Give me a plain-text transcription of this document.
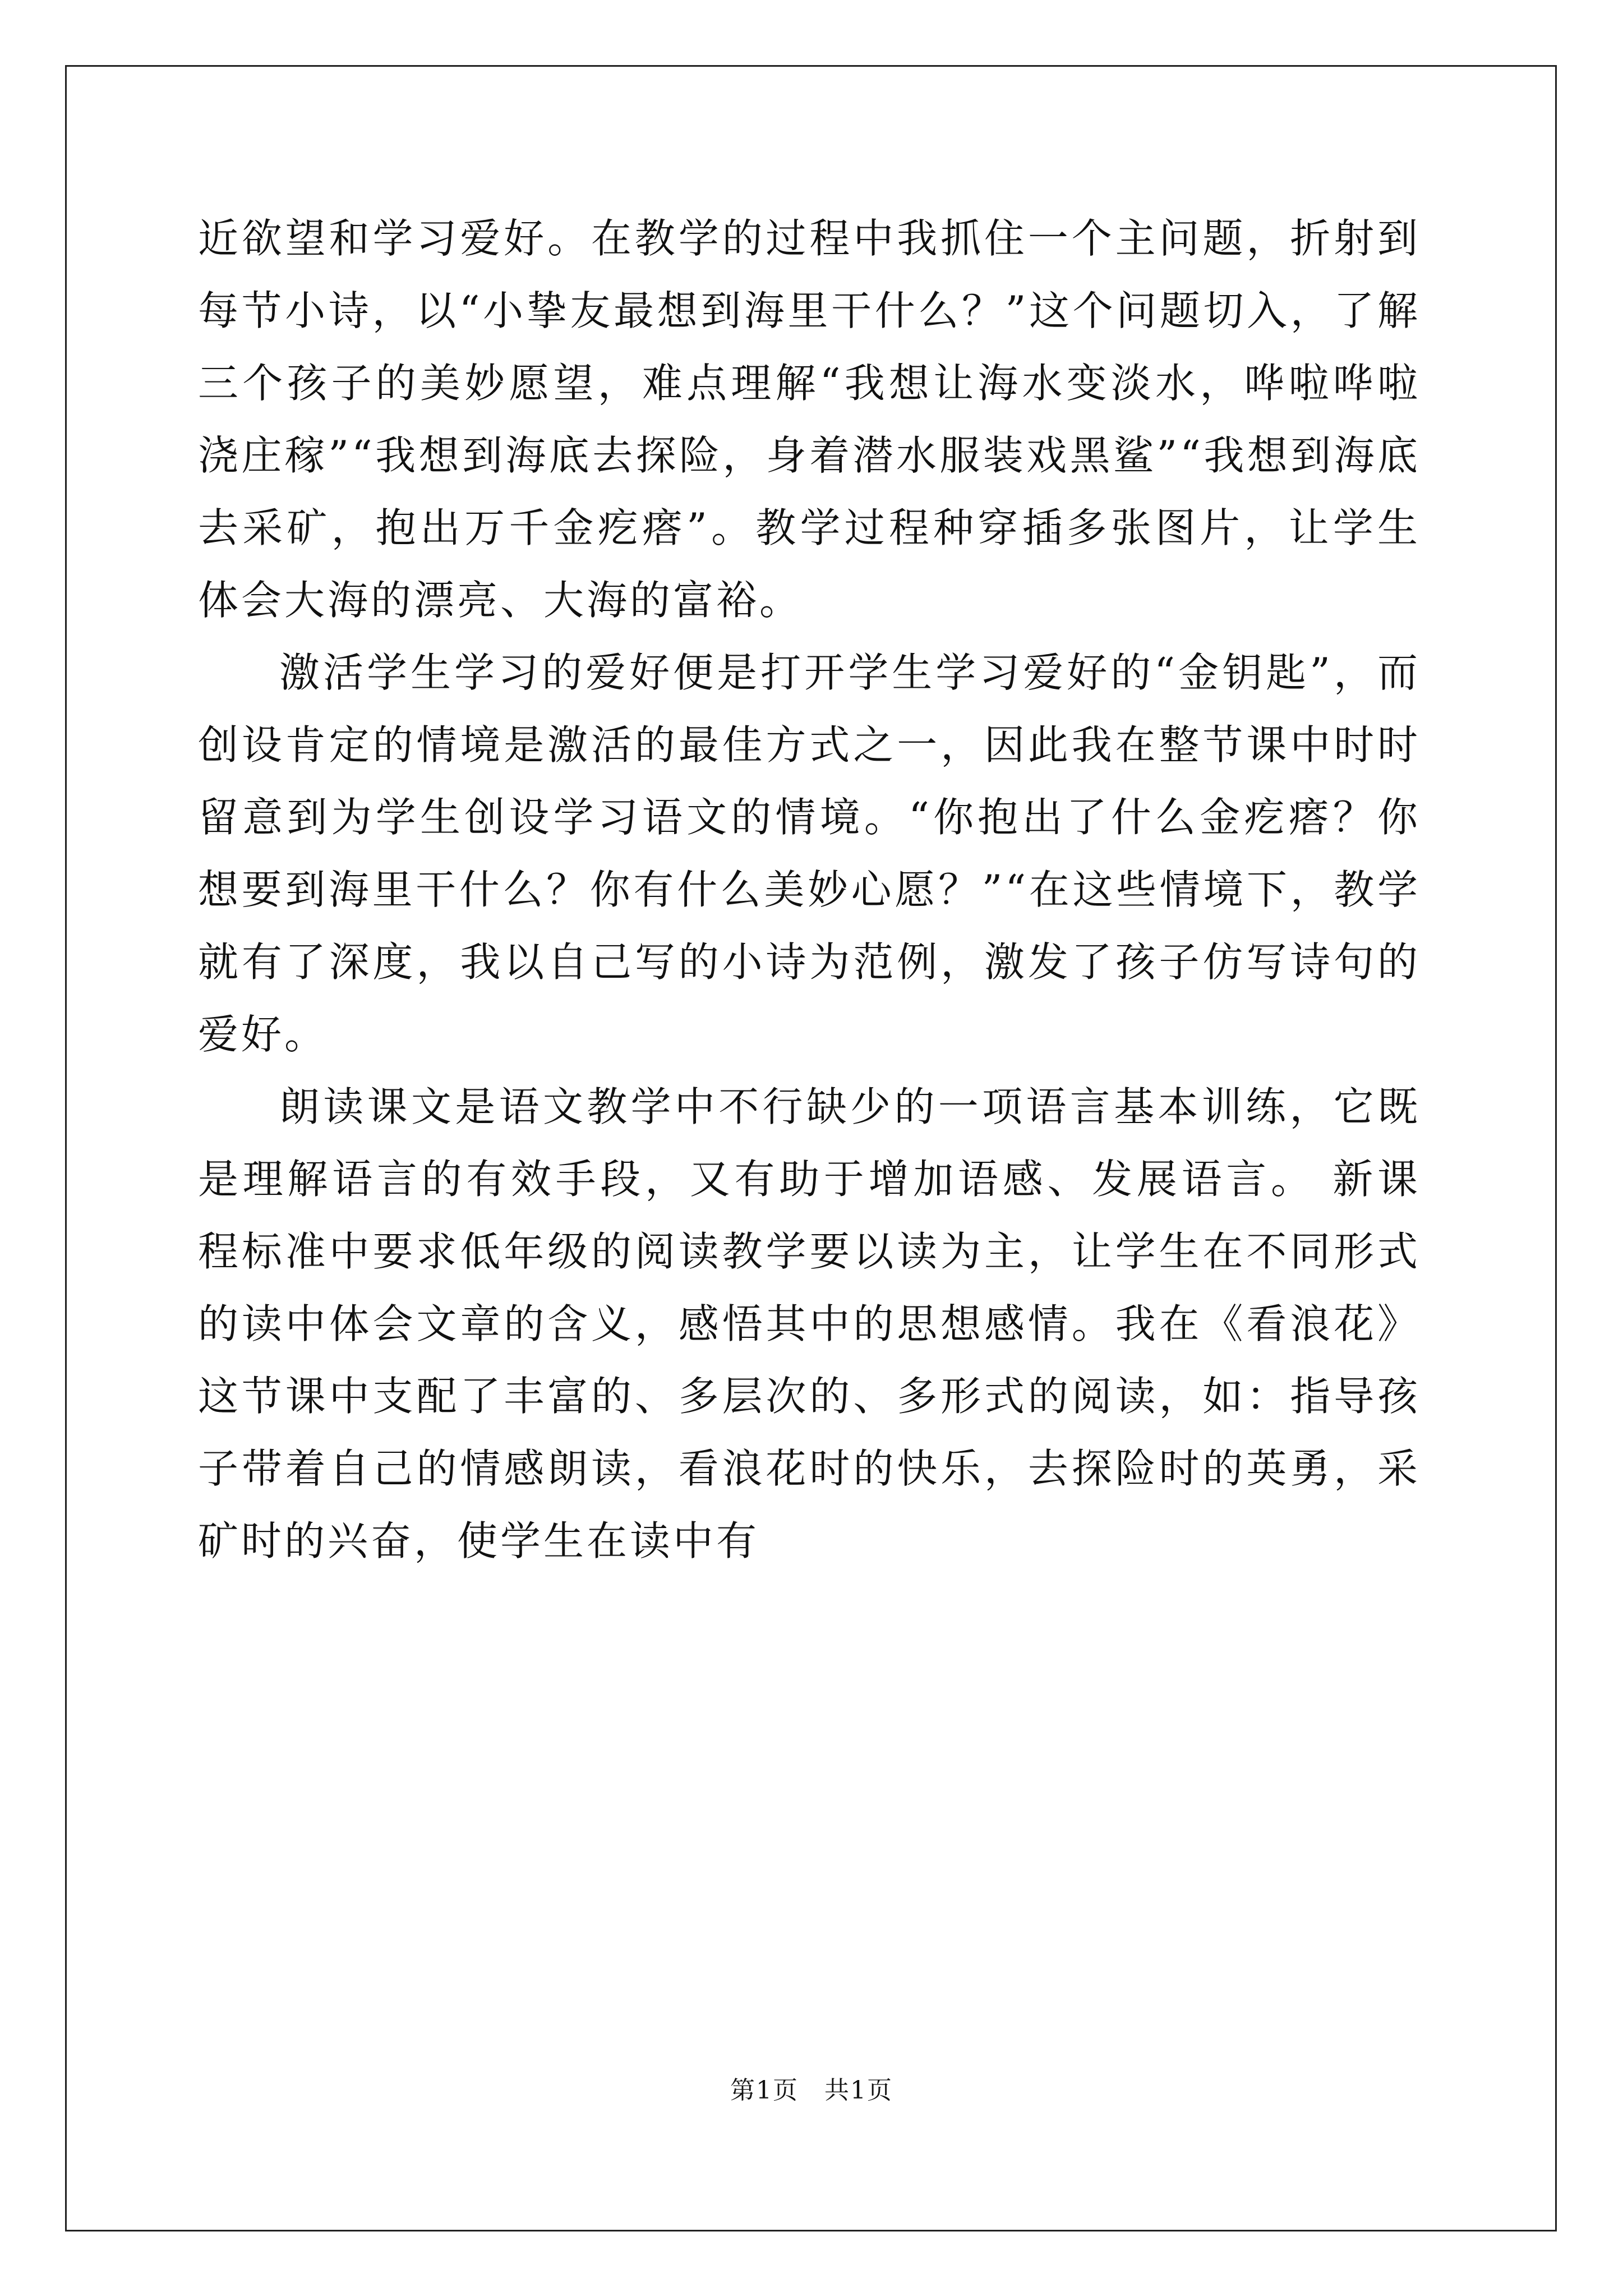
近欲望和学习爱好。在教学的过程中我抓住一个主问题，折射到每节小诗，以“小挚友最想到海里干什么？”这个问题切入，了解三个孩子的美妙愿望，难点理解“我想让海水变淡水，哗啦哗啦浇庄稼”“我想到海底去探险，身着潜水服装戏黑鲨”“我想到海底去采矿，抱出万千金疙瘩”。教学过程种穿插多张图片，让学生体会大海的漂亮、大海的富裕。

激活学生学习的爱好便是打开学生学习爱好的“金钥匙”，而创设肯定的情境是激活的最佳方式之一，因此我在整节课中时时留意到为学生创设学习语文的情境。“你抱出了什么金疙瘩？你想要到海里干什么？你有什么美妙心愿？”“在这些情境下，教学就有了深度，我以自己写的小诗为范例，激发了孩子仿写诗句的爱好。

朗读课文是语文教学中不行缺少的一项语言基本训练，它既是理解语言的有效手段，又有助于增加语感、发展语言。 新课程标准中要求低年级的阅读教学要以读为主，让学生在不同形式的读中体会文章的含义，感悟其中的思想感情。我在《看浪花》这节课中支配了丰富的、多层次的、多形式的阅读，如：指导孩子带着自己的情感朗读，看浪花时的快乐，去探险时的英勇，采矿时的兴奋，使学生在读中有

第1页　共1页
